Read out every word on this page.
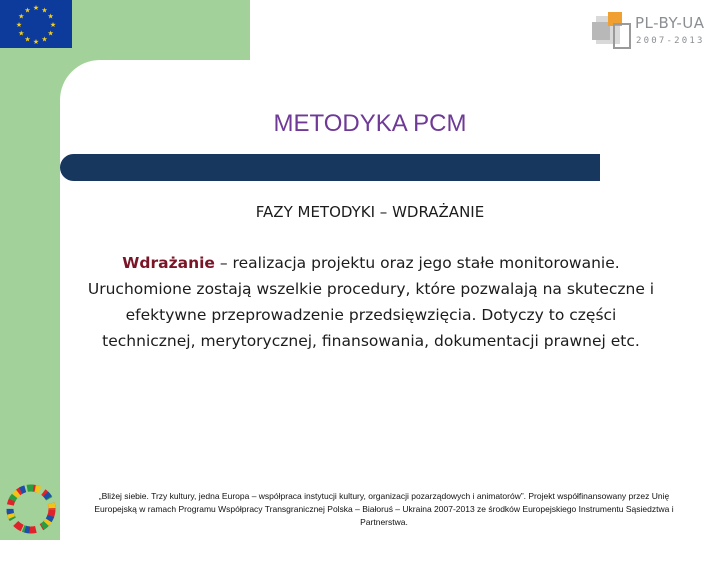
★ ★
★
★
★
★
★
★
★
★
★
★
PL-BY-UA
2007-2013
METODYKA PCM
FAZY METODYKI – WDRAŻANIE
Wdrażanie – realizacja projektu oraz jego stałe monitorowanie. Uruchomione zostają wszelkie procedury, które pozwalają na skuteczne i efektywne przeprowadzenie przedsięwzięcia. Dotyczy to części technicznej, merytorycznej, finansowania, dokumentacji prawnej etc.
„Bliżej siebie. Trzy kultury, jedna Europa – współpraca instytucji kultury, organizacji pozarządowych i animatorów”. Projekt współfinansowany przez Unię Europejską w ramach Programu Współpracy Transgranicznej Polska – Białoruś – Ukraina 2007-2013 ze środków Europejskiego Instrumentu Sąsiedztwa i Partnerstwa.
